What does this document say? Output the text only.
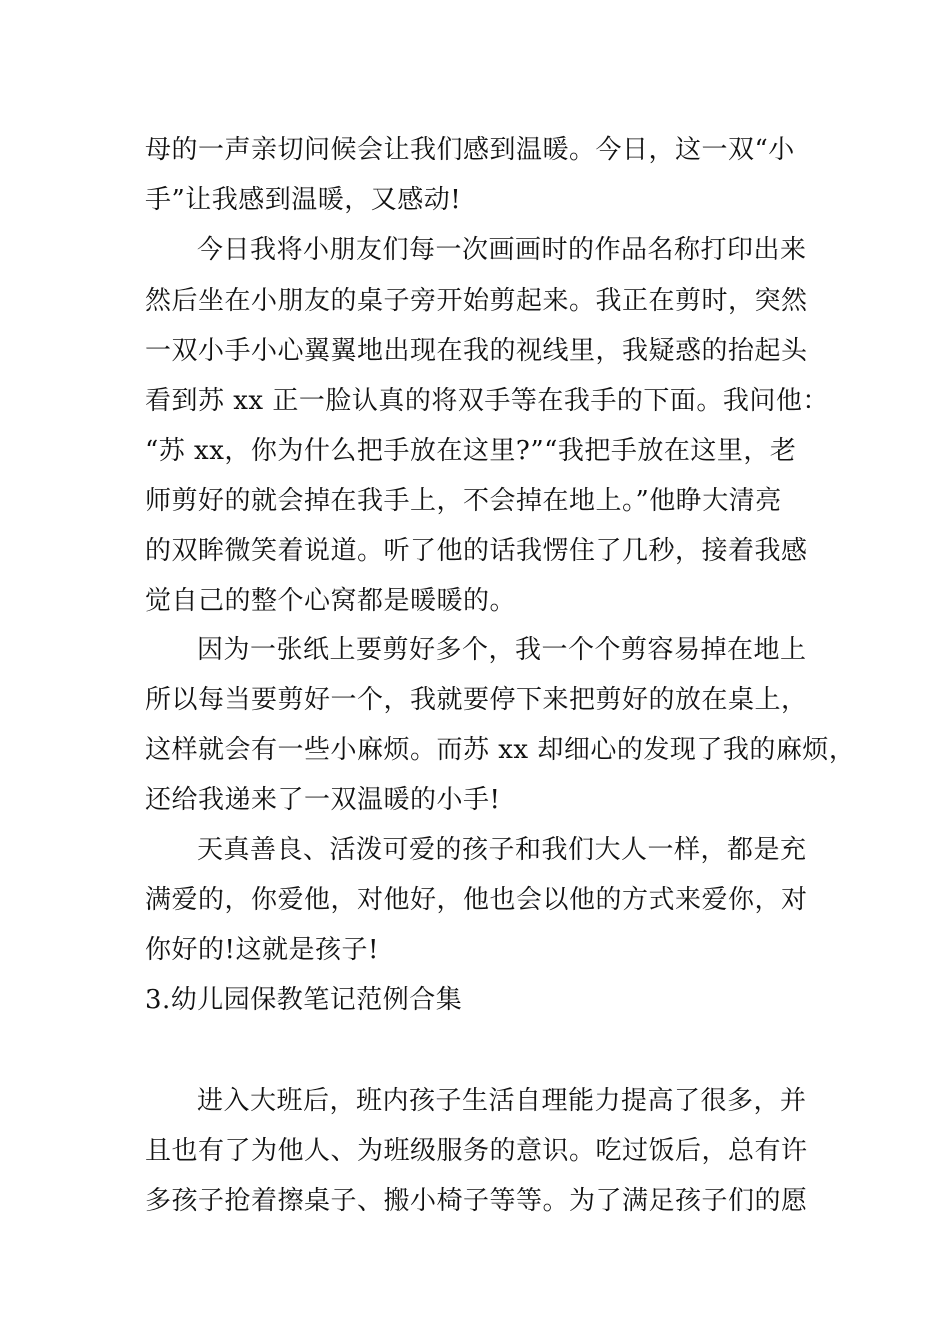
母的一声亲切问候会让我们感到温暖。今日，这一双“小
手”让我感到温暖，又感动!
今日我将小朋友们每一次画画时的作品名称打印出来
然后坐在小朋友的桌子旁开始剪起来。我正在剪时，突然
一双小手小心翼翼地出现在我的视线里，我疑惑的抬起头
看到苏 xx 正一脸认真的将双手等在我手的下面。我问他：
“苏 xx，你为什么把手放在这里?”“我把手放在这里，老
师剪好的就会掉在我手上，不会掉在地上。”他睁大清亮
的双眸微笑着说道。听了他的话我愣住了几秒，接着我感
觉自己的整个心窝都是暖暖的。
因为一张纸上要剪好多个，我一个个剪容易掉在地上
所以每当要剪好一个，我就要停下来把剪好的放在桌上，
这样就会有一些小麻烦。而苏 xx 却细心的发现了我的麻烦，
还给我递来了一双温暖的小手!
天真善良、活泼可爱的孩子和我们大人一样，都是充
满爱的，你爱他，对他好，他也会以他的方式来爱你，对
你好的!这就是孩子!
3.幼儿园保教笔记范例合集
进入大班后，班内孩子生活自理能力提高了很多，并
且也有了为他人、为班级服务的意识。吃过饭后，总有许
多孩子抢着擦桌子、搬小椅子等等。为了满足孩子们的愿
